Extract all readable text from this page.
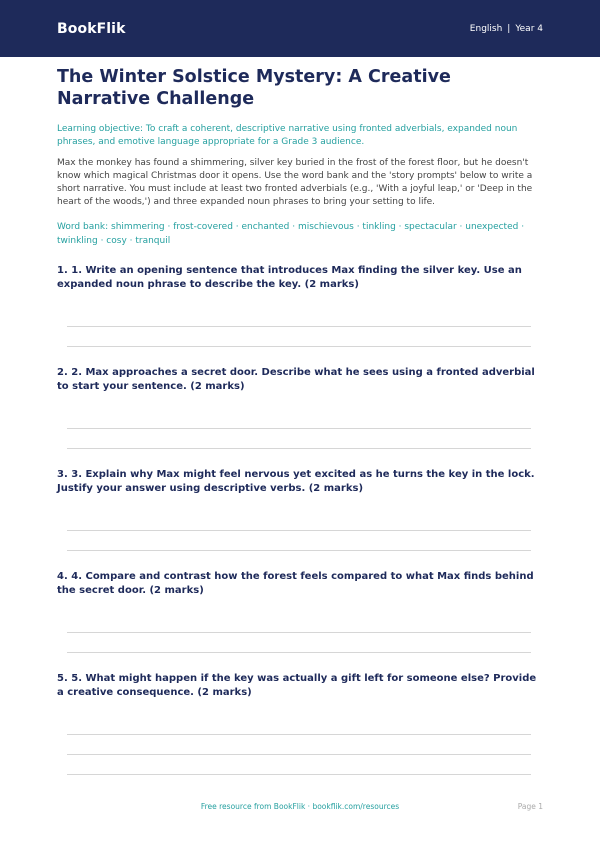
BookFlik	English | Year 4
The Winter Solstice Mystery: A Creative Narrative Challenge

Learning objective: To craft a coherent, descriptive narrative using fronted adverbials, expanded noun phrases, and emotive language appropriate for a Grade 3 audience.

Max the monkey has found a shimmering, silver key buried in the frost of the forest floor, but he doesn't know which magical Christmas door it opens. Use the word bank and the 'story prompts' below to write a short narrative. You must include at least two fronted adverbials (e.g., 'With a joyful leap,' or 'Deep in the heart of the woods,') and three expanded noun phrases to bring your setting to life.

Word bank: shimmering · frost-covered · enchanted · mischievous · tinkling · spectacular · unexpected · twinkling · cosy · tranquil

1. 1. Write an opening sentence that introduces Max finding the silver key. Use an expanded noun phrase to describe the key. (2 marks)

2. 2. Max approaches a secret door. Describe what he sees using a fronted adverbial to start your sentence. (2 marks)

3. 3. Explain why Max might feel nervous yet excited as he turns the key in the lock. Justify your answer using descriptive verbs. (2 marks)

4. 4. Compare and contrast how the forest feels compared to what Max finds behind the secret door. (2 marks)

5. 5. What might happen if the key was actually a gift left for someone else? Provide a creative consequence. (2 marks)

Free resource from BookFlik · bookflik.com/resources	Page 1
